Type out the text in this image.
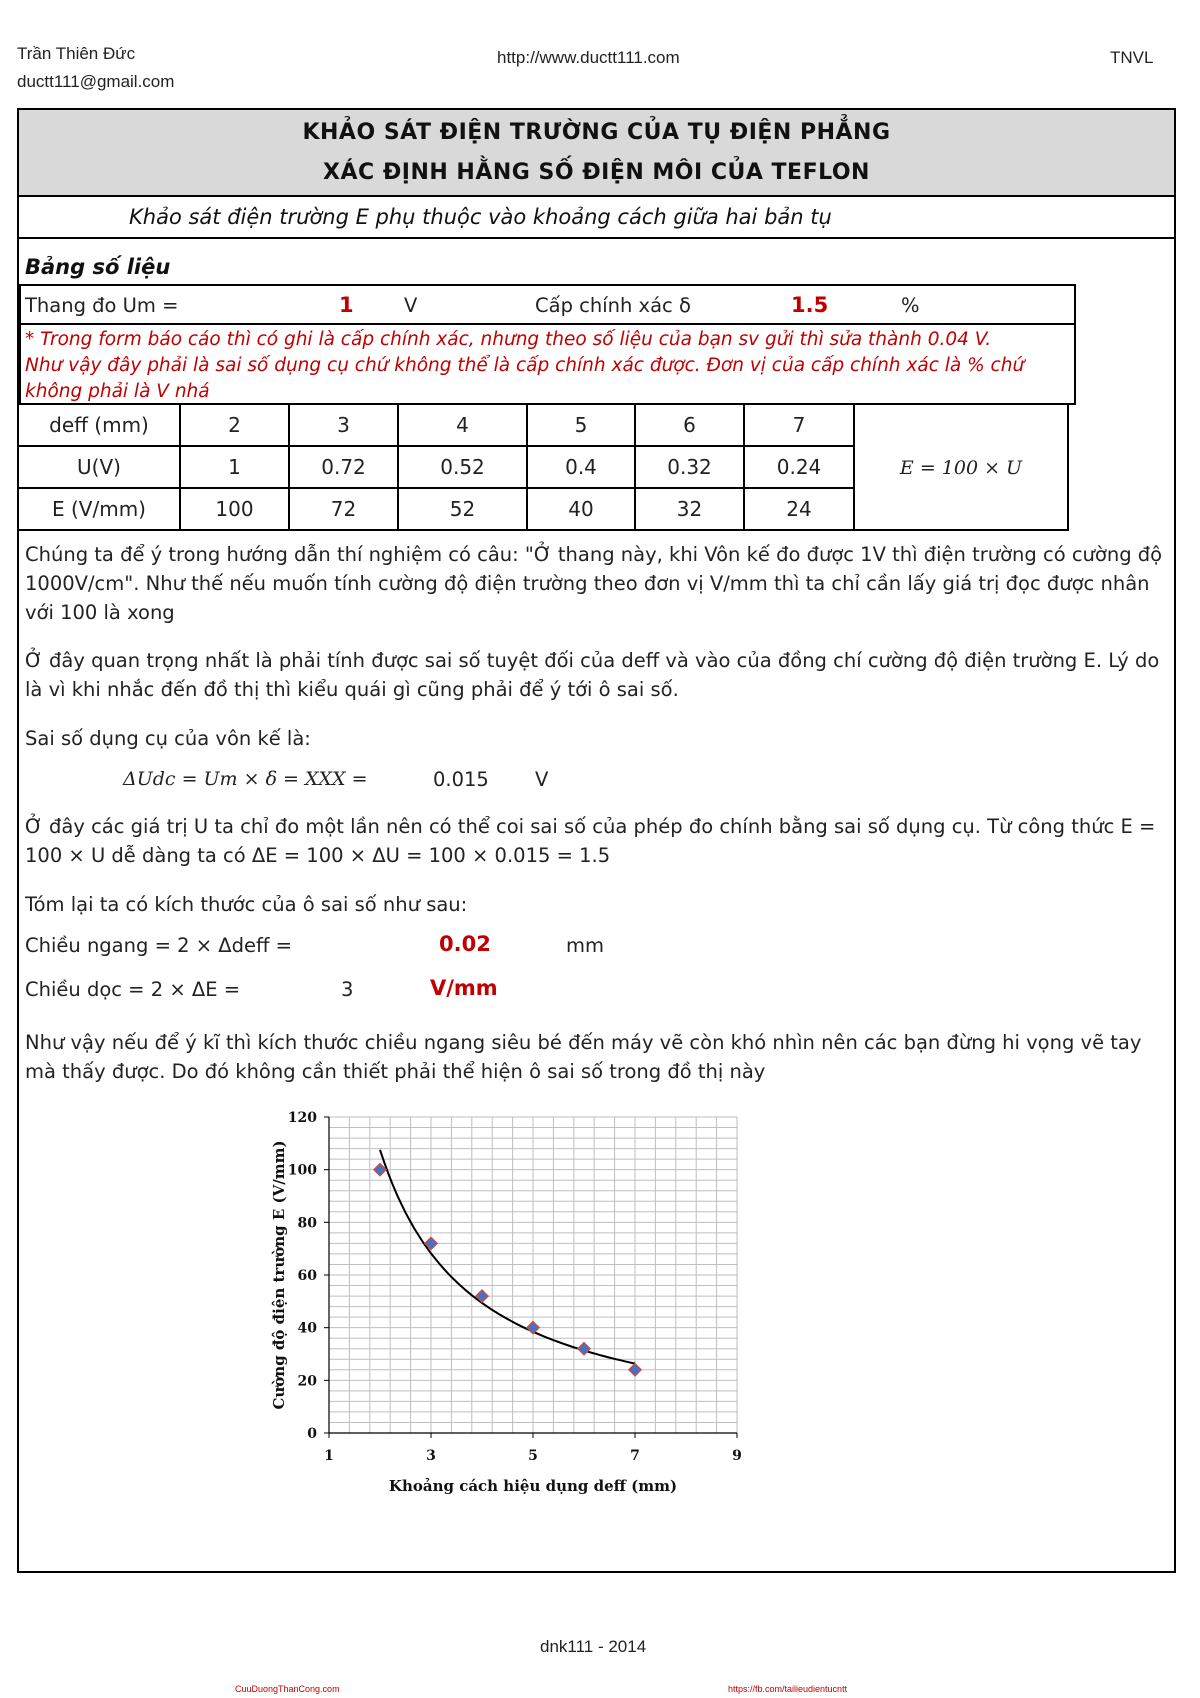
Trần Thiên Đức
ductt111@gmail.com
http://www.ductt111.com	TNVL
KHẢO SÁT ĐIỆN TRƯỜNG CỦA TỤ ĐIỆN PHẲNG
XÁC ĐỊNH HẰNG SỐ ĐIỆN MÔI CỦA TEFLON
Khảo sát điện trường E phụ thuộc vào khoảng cách giữa hai bản tụ
Bảng số liệu
Thang đo Um =	1	V	Cấp chính xác δ	1.5	%
* Trong form báo cáo thì có ghi là cấp chính xác, nhưng theo số liệu của bạn sv gửi thì sửa thành 0.04 V. Như vậy đây phải là sai số dụng cụ chứ không thể là cấp chính xác được. Đơn vị của cấp chính xác là % chứ không phải là V nhá
deff (mm)	2	3	4	5	6	7	E = 100 × U
U(V)	1	0.72	0.52	0.4	0.32	0.24	
E (V/mm)	100	72	52	40	32	24	
Chúng ta để ý trong hướng dẫn thí nghiệm có câu: "Ở thang này, khi Vôn kế đo được 1V thì điện trường có cường độ 1000V/cm". Như thế nếu muốn tính cường độ điện trường theo đơn vị V/mm thì ta chỉ cần lấy giá trị đọc được nhân với 100 là xong
Ở đây quan trọng nhất là phải tính được sai số tuyệt đối của deff và vào của đồng chí cường độ điện trường E. Lý do là vì khi nhắc đến đồ thị thì kiểu quái gì cũng phải để ý tới ô sai số.
Sai số dụng cụ của vôn kế là:
ΔUdc = Um × δ = XXX =	0.015 V
Ở đây các giá trị U ta chỉ đo một lần nên có thể coi sai số của phép đo chính bằng sai số dụng cụ. Từ công thức E = 100 × U dễ dàng ta có ΔE = 100 × ΔU = 100 × 0.015 = 1.5
Tóm lại ta có kích thước của ô sai số như sau:
Chiều ngang = 2 × Δdeff =	0.02	mm
Chiều dọc = 2 × ΔE =	3	V/mm
Như vậy nếu để ý kĩ thì kích thước chiều ngang siêu bé đến máy vẽ còn khó nhìn nên các bạn đừng hi vọng vẽ tay mà thấy được. Do đó không cần thiết phải thể hiện ô sai số trong đồ thị này
0
20
40
60
80
100
120
1	3	5	7	9
Khoảng cách hiệu dụng deff (mm)
Cường độ điện trường E (V/mm)
dnk111 - 2014
CuuDuongThanCong.com	https://fb.com/tailieudientucntt
